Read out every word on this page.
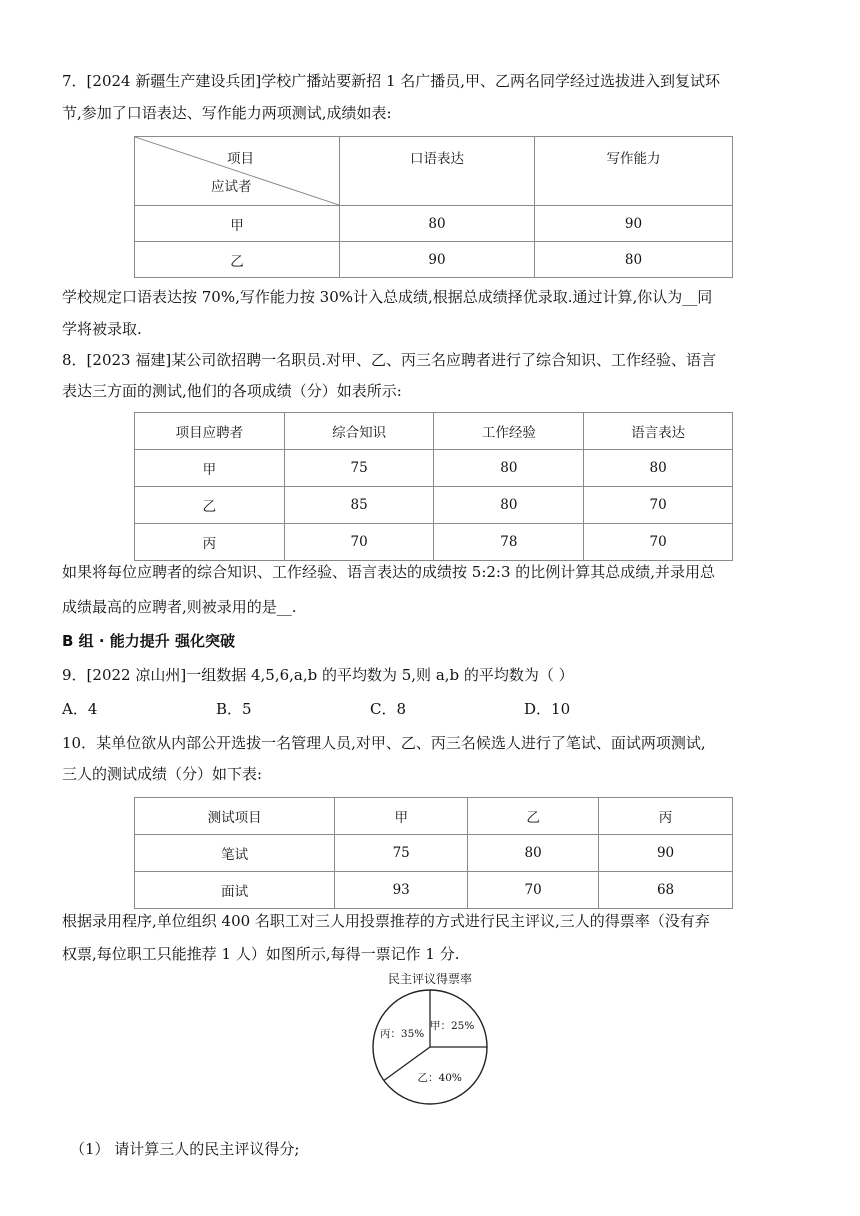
7．[2024 新疆生产建设兵团]学校广播站要新招 1 名广播员,甲、乙两名同学经过选拔进入到复试环
节,参加了口语表达、写作能力两项测试,成绩如表:
项目
应试者	口语表达	写作能力
甲	80	90
乙	90	80
学校规定口语表达按 70%,写作能力按 30%计入总成绩,根据总成绩择优录取.通过计算,你认为__同
学将被录取.
8．[2023 福建]某公司欲招聘一名职员.对甲、乙、丙三名应聘者进行了综合知识、工作经验、语言
表达三方面的测试,他们的各项成绩（分）如表所示:
项目应聘者	综合知识	工作经验	语言表达
甲	75	80	80
乙	85	80	70
丙	70	78	70
如果将每位应聘者的综合知识、工作经验、语言表达的成绩按 5:2:3 的比例计算其总成绩,并录用总
成绩最高的应聘者,则被录用的是__.
B 组 · 能力提升 强化突破
9．[2022 凉山州]一组数据 4,5,6,a,b 的平均数为 5,则 a,b 的平均数为（ ）
A．4	B．5	C．8	D．10
10．某单位欲从内部公开选拔一名管理人员,对甲、乙、丙三名候选人进行了笔试、面试两项测试,
三人的测试成绩（分）如下表:
测试项目	甲	乙	丙
笔试	75	80	90
面试	93	70	68
根据录用程序,单位组织 400 名职工对三人用投票推荐的方式进行民主评议,三人的得票率（没有弃
权票,每位职工只能推荐 1 人）如图所示,每得一票记作 1 分.
民主评议得票率
甲：25%
乙：40%
丙：35%
（1） 请计算三人的民主评议得分;
